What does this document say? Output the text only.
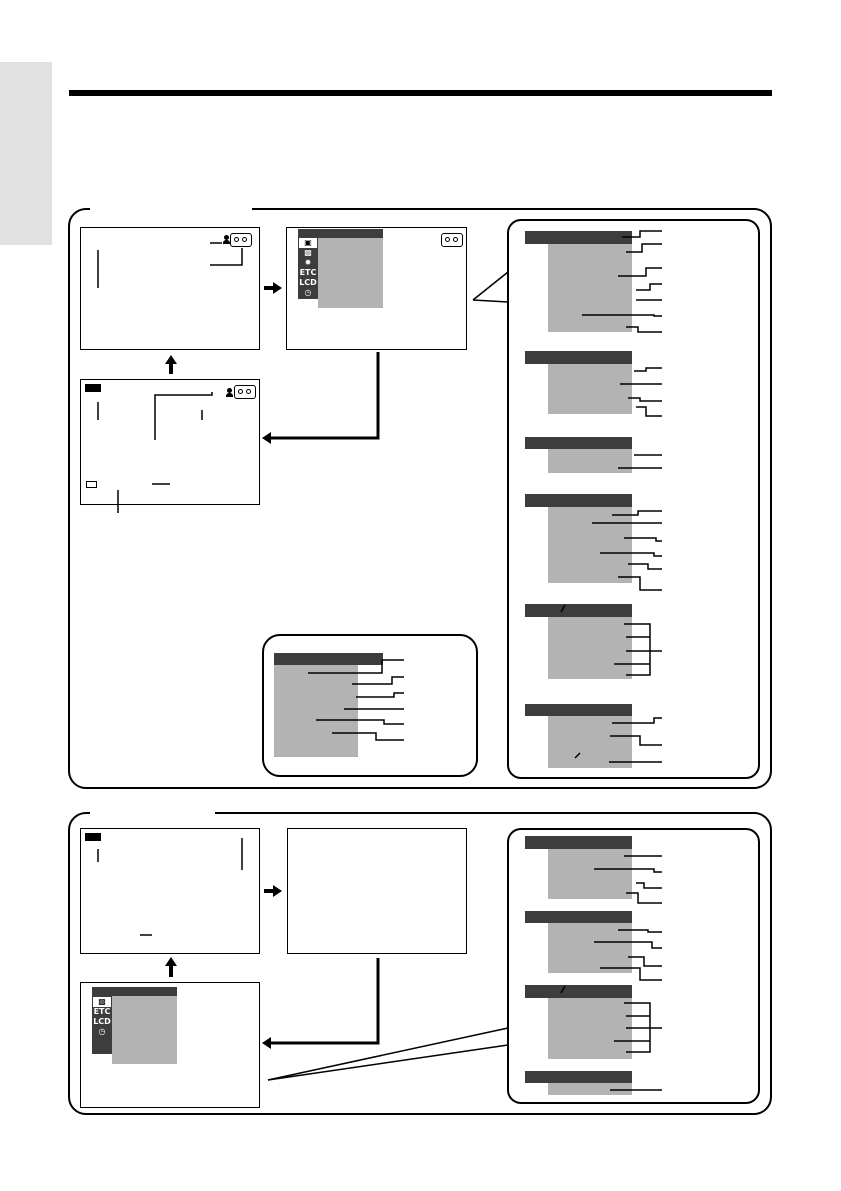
▣
▩
✹
ETC
LCD
◷
▩
ETC
LCD
◷
